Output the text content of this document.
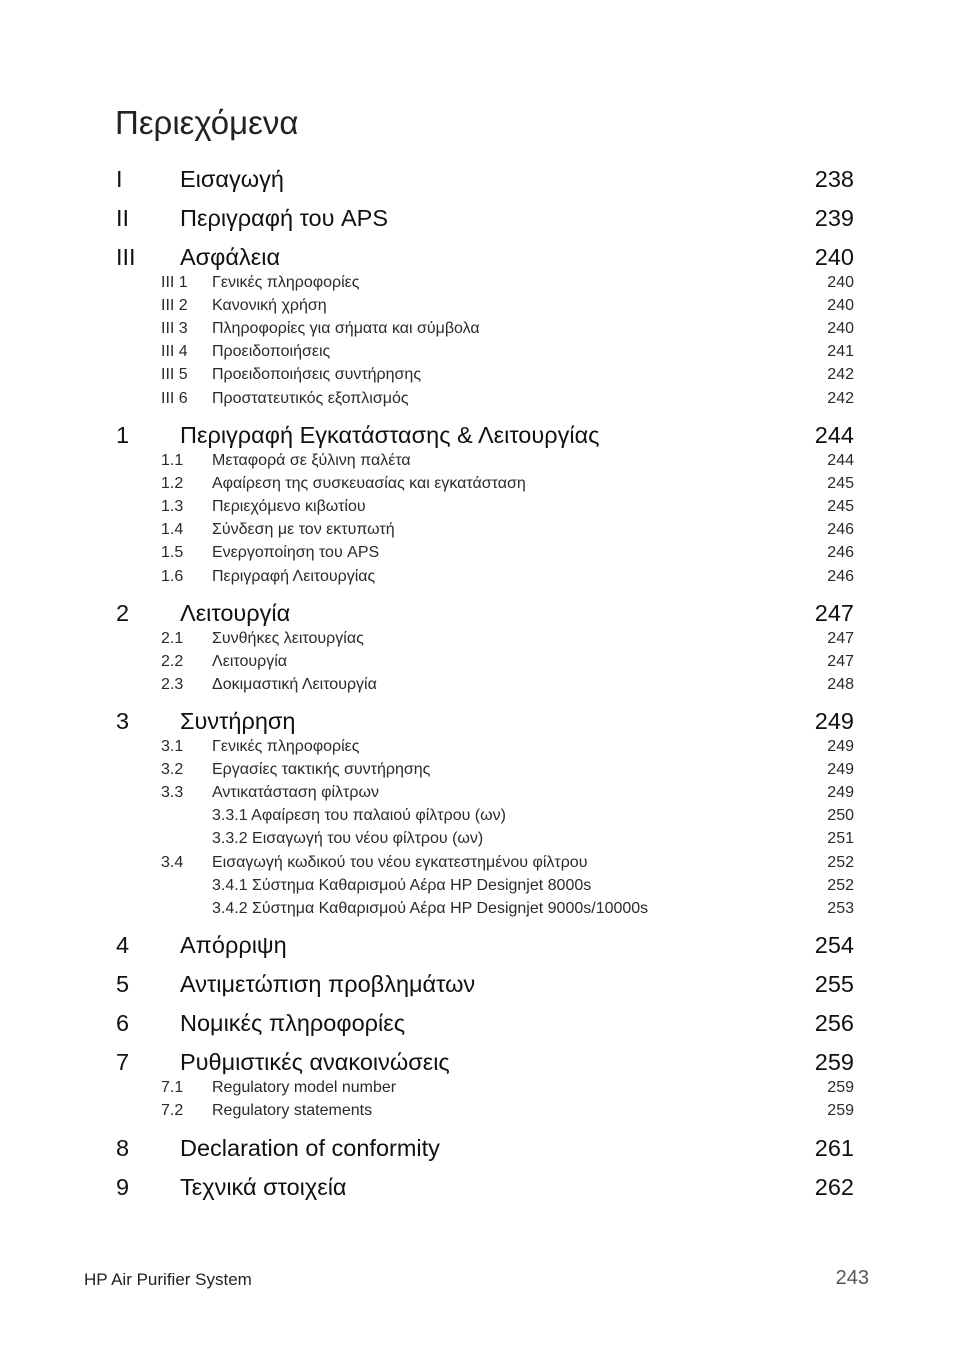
Περιεχόμενα
I Εισαγωγή	238
II Περιγραφή του APS	239
III Ασφάλεια	240
III 1 Γενικές πληροφορίες	240
III 2 Κανονική χρήση	240
III 3 Πληροφορίες για σήματα και σύμβολα	240
III 4 Προειδοποιήσεις	241
III 5 Προειδοποιήσεις συντήρησης	242
III 6 Προστατευτικός εξοπλισμός	242
1 Περιγραφή Εγκατάστασης & Λειτουργίας	244
1.1 Μεταφορά σε ξύλινη παλέτα	244
1.2 Αφαίρεση της συσκευασίας και εγκατάσταση	245
1.3 Περιεχόμενο κιβωτίου	245
1.4 Σύνδεση με τον εκτυπωτή	246
1.5 Ενεργοποίηση του APS	246
1.6 Περιγραφή Λειτουργίας	246
2 Λειτουργία	247
2.1 Συνθήκες λειτουργίας	247
2.2 Λειτουργία	247
2.3 Δοκιμαστική Λειτουργία	248
3 Συντήρηση	249
3.1 Γενικές πληροφορίες	249
3.2 Εργασίες τακτικής συντήρησης	249
3.3 Αντικατάσταση φίλτρων	249
3.3.1 Αφαίρεση του παλαιού φίλτρου (ων)	250
3.3.2 Εισαγωγή του νέου φίλτρου (ων)	251
3.4 Εισαγωγή κωδικού του νέου εγκατεστημένου φίλτρου	252
3.4.1 Σύστημα Καθαρισμού Αέρα HP Designjet 8000s	252
3.4.2 Σύστημα Καθαρισμού Αέρα HP Designjet 9000s/10000s	253
4 Απόρριψη	254
5 Αντιμετώπιση προβλημάτων	255
6 Νομικές πληροφορίες	256
7 Ρυθμιστικές ανακοινώσεις	259
7.1 Regulatory model number	259
7.2 Regulatory statements	259
8 Declaration of conformity	261
9 Τεχνικά στοιχεία	262
HP Air Purifier System	243
